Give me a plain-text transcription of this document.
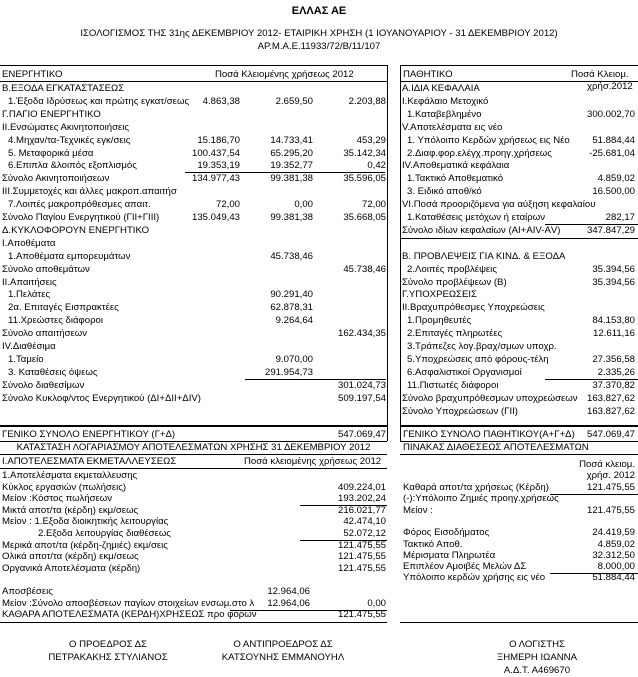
ΕΛΛΑΣ ΑΕ
ΙΣΟΛΟΓΙΣΜΟΣ ΤΗΣ 31ης ΔΕΚΕΜΒΡΙΟΥ 2012- ΕΤΑΙΡΙΚΗ ΧΡΗΣΗ (1 ΙΟΥΑΝΟΥΑΡΙΟΥ - 31 ΔΕΚΕΜΒΡΙΟΥ 2012)
ΑΡ.Μ.Α.Ε.11933/72/Β/11/107
ΕΝΕΡΓΗΤΙΚΟ	Ποσά Κλειομένης χρήσεως 2012	ΠΑΘΗΤΙΚΟ	Ποσά Κλειομ.
χρήσ.2012
Β.ΕΞΟΔΑ ΕΓΚΑΤΑΣΤΑΣΕΩΣ
1.Έξοδα Ιδρύσεως και πρώτης εγκατ/σεως	4.863,38	2.659,50	2.203,88
Γ.ΠΑΓΙΟ ΕΝΕΡΓΗΤΙΚΟ
ΙΙ.Ενσώματες Ακινητοποιήσεις
4.Μηχαν/τα-Τεχνικές εγκ/σεις	15.186,70	14.733,41	453,29
5. Μεταφορικά μέσα	100.437,54	65.295,20	35.142,34
6.Επιπλα &λοιπός εξοπλισμός	19.353,19	19.352,77	0,42
Σύνολο Ακινητοποιήσεων	134.977,43	99.381,38	35.596,05
ΙΙΙ.Συμμετοχές και άλλες μακροπ.απαιτήσ
7.Λοιπές μακροπρόθεσμες απαιτ.	72,00	0,00	72,00
Σύνολο Παγίου Ενεργητικού (ΓΙΙ+ΓΙΙΙ)	135.049,43	99.381,38	35.668,05
Δ.ΚΥΚΛΟΦΟΡΟΥΝ ΕΝΕΡΓΗΤΙΚΟ
Ι.Αποθέματα
1.Αποθέματα εμπορευμάτων	45.738,46
Σύνολο αποθεμάτων	45.738,46
ΙΙ.Απαιτήσεις
1.Πελάτες	90.291,40
2α. Επιταγές Εισπρακτέες	62.878,31
11.Χρεώστες διάφοροι	9.264,64
Σύνολο απαιτήσεων	162.434,35
ΙV.Διαθέσιμα
1.Ταμείο	9.070,00
3. Καταθέσεις όψεως	291.954,73
Σύνολο διαθεσίμων	301.024,73
Σύνολο Κυκλοφ/ντος Ενεργητικού (ΔΙ+ΔΙΙ+ΔΙV)	509.197,54
Α.ΙΔΙΑ ΚΕΦΑΛΑΙΑ
Ι.Κεφάλαιο Μετοχικό
1.Καταβεβλημένο	300.002,70
V.Αποτελέσματα εις νέο
1. Υπόλοιπο Κερδών χρήσεως εις Νέο	51.884,44
2.Διαφ.φορ.ελέγχ.προηγ.χρήσεως	-25.681,04
IV.Αποθεματικά κεφάλαια
1.Τακτικό Αποθεματικό	4.859,02
3. Ειδικό αποθ/κό	16.500,00
VI.Ποσά προοριζόμενα για αύξηση κεφαλαίου
1.Καταθέσεις μετόχων ή εταίρων	282,17
Σύνολο ιδίων κεφαλαίων (ΑΙ+ΑΙV-ΑV)	347.847,29
Β. ΠΡΟΒΛΕΨΕΙΣ ΓΙΑ ΚΙΝΔ. & ΕΞΟΔΑ
2.Λοιπές προβλέψεις	35.394,56
Σύνολο προβλέψεων (Β)	35.394,56
Γ.ΥΠΟΧΡΕΩΣΕΙΣ
ΙΙ.Βραχυπρόθεσμες Υποχρεώσεις
1.Προμηθευτές	84.153,80
2.Επιταγές πληρωτέες	12.611,16
3.Τράπεζες λογ.βραχ/σμων υποχρ.
5.Υποχρεώσεις από φόρους-τέλη	27.356,58
6.Ασφαλιστικοί Οργανισμοί	2.335,26
11.Πιστωτές διάφοροι	37.370,82
Σύνολο βραχυπρόθεσμων υποχρεώσεων 163.827,62
Σύνολο Υποχρεώσεων (ΓΙΙ)	163.827,62
ΓΕΝΙΚΟ ΣΥΝΟΛΟ ΕΝΕΡΓΗΤΙΚΟΥ (Γ+Δ)	547.069,47 ΓΕΝΙΚΟ ΣΥΝΟΛΟ ΠΑΘΗΤΙΚΟΥ(Α+Γ+Δ)	547.069,47
ΚΑΤΑΣΤΑΣΗ ΛΟΓΑΡΙΑΣΜΟΥ ΑΠΟΤΕΛΕΣΜΑΤΩΝ ΧΡΗΣΗΣ 31 ΔΕΚΕΜΒΡΙΟΥ 2012	ΠΙΝΑΚΑΣ ΔΙΑΘΕΣΕΩΣ ΑΠΟΤΕΛΕΣΜΑΤΩΝ
Ι.ΑΠΟΤΕΛΕΣΜΑΤΑ ΕΚΜΕΤΑΛΛΕΥΣΕΩΣ	Ποσά κλειομένης χρήσεως 2012	Ποσά κλειομ.
χρήσ. 2012
1.Αποτελέσματα εκμεταλλευσης
Κύκλος εργασιών (πωλήσεις)	409.224,01
Μείον :Κόστος πωλήσεων	193.202,24
Μικτά αποτ/τα (κέρδη) εκμ/σεως	216.021,77
Μείον : 1.Εξοδα διοικητικής λειτουργίας	42.474,10
2.Εξοδα λειτουργίας διαθέσεως	52.072,12
Μερικά αποτ/τα (κέρδη-ζημιές) εκμ/σεις	121.475,55
Ολικά αποτ/τα (κέρδη) εκμ/σεως	121.475,55
Οργανικά Αποτελέσματα (κέρδη)	121.475,55
Αποσβέσεις	12.964,06
Μείον :Σύνολο αποσβέσεων παγίων στοιχείων ενσωμ.στο λ	12.964,06	0,00
ΚΑΘΑΡΑ ΑΠΟΤΕΛΕΣΜΑΤΑ (ΚΕΡΔΗ)ΧΡΗΣΕΩΣ προ φόρων	121.475,55
Καθαρά αποτ/τα χρήσεως (Κέρδη)	121.475,55
(-):Υπόλοιπο Ζημιές προηγ.χρήσεως
Μείον :	121.475,55
Φόρος Εισοδήματος	24.419,59
Τακτικό Αποθ.	4.859,02
Μέρισματα Πληρωτέα	32.312,50
Επιπλέον Αμοιβές Μελών ΔΣ	8.000,00
Υπόλοιπο κερδών χρήσης εις νέο	51.884,44
Ο ΠΡΟΕΔΡΟΣ ΔΣ
ΠΕΤΡΑΚΑΚΗΣ ΣΤΥΛΙΑΝΟΣ
Ο ΑΝΤΙΠΡΟΕΔΡΟΣ ΔΣ
ΚΑΤΣΟΥΝΗΣ ΕΜΜΑΝΟΥΗΛ
Ο ΛΟΓΙΣΤΗΣ
ΞΗΜΕΡΗ ΙΩΑΝΝΑ
Α.Δ.Τ. Α469670
